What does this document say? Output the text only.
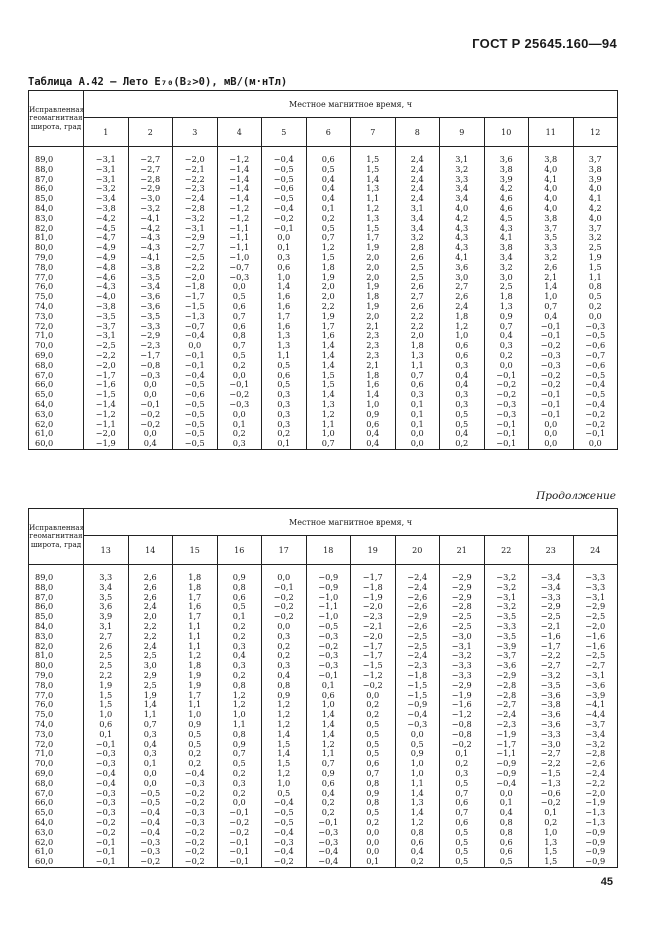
ГОСТ Р 25645.160—94
Таблица А.42 — Лето E₇₀(B₂>0), мВ/(м·нТл)
Исправленная геомагнитная широта, град	Местное магнитное время, ч											
	1	2	3	4	5	6	7	8	9	10	11	12
89,0	−3,1	−2,7	−2,0	−1,2	−0,4	0,6	1,5	2,4	3,1	3,6	3,8	3,7
88,0	−3,1	−2,7	−2,1	−1,4	−0,5	0,5	1,5	2,4	3,2	3,8	4,0	3,8
87,0	−3,1	−2,8	−2,2	−1,4	−0,5	0,4	1,4	2,4	3,3	3,9	4,1	3,9
86,0	−3,2	−2,9	−2,3	−1,4	−0,6	0,4	1,3	2,4	3,4	4,2	4,0	4,0
85,0	−3,4	−3,0	−2,4	−1,4	−0,5	0,4	1,1	2,4	3,4	4,6	4,0	4,1
84,0	−3,8	−3,2	−2,8	−1,2	−0,4	0,1	1,2	3,1	4,0	4,6	4,0	4,2
83,0	−4,2	−4,1	−3,2	−1,2	−0,2	0,2	1,3	3,4	4,2	4,5	3,8	4,0
82,0	−4,5	−4,2	−3,1	−1,1	−0,1	0,5	1,5	3,4	4,3	4,3	3,7	3,7
81,0	−4,7	−4,3	−2,9	−1,1	0,0	0,7	1,7	3,2	4,3	4,1	3,5	3,2
80,0	−4,9	−4,3	−2,7	−1,1	0,1	1,2	1,9	2,8	4,3	3,8	3,3	2,5
79,0	−4,9	−4,1	−2,5	−1,0	0,3	1,5	2,0	2,6	4,1	3,4	3,2	1,9
78,0	−4,8	−3,8	−2,2	−0,7	0,6	1,8	2,0	2,5	3,6	3,2	2,6	1,5
77,0	−4,6	−3,5	−2,0	−0,3	1,0	1,9	2,0	2,5	3,0	3,0	2,1	1,1
76,0	−4,3	−3,4	−1,8	0,0	1,4	2,0	1,9	2,6	2,7	2,5	1,4	0,8
75,0	−4,0	−3,6	−1,7	0,5	1,6	2,0	1,8	2,7	2,6	1,8	1,0	0,5
74,0	−3,8	−3,6	−1,5	0,6	1,6	2,2	1,9	2,6	2,4	1,3	0,7	0,2
73,0	−3,5	−3,5	−1,3	0,7	1,7	1,9	2,0	2,2	1,8	0,9	0,4	0,0
72,0	−3,7	−3,3	−0,7	0,6	1,6	1,7	2,1	2,2	1,2	0,7	−0,1	−0,3
71,0	−3,1	−2,9	−0,4	0,8	1,3	1,6	2,3	2,0	1,0	0,4	−0,1	−0,5
70,0	−2,5	−2,3	0,0	0,7	1,3	1,4	2,3	1,8	0,6	0,3	−0,2	−0,6
69,0	−2,2	−1,7	−0,1	0,5	1,1	1,4	2,3	1,3	0,6	0,2	−0,3	−0,7
68,0	−2,0	−0,8	−0,1	0,2	0,5	1,4	2,1	1,1	0,3	0,0	−0,3	−0,6
67,0	−1,7	−0,3	−0,4	0,0	0,6	1,5	1,8	0,7	0,4	−0,1	−0,2	−0,5
66,0	−1,6	0,0	−0,5	−0,1	0,5	1,5	1,6	0,6	0,4	−0,2	−0,2	−0,4
65,0	−1,5	0,0	−0,6	−0,2	0,3	1,4	1,4	0,3	0,3	−0,2	−0,1	−0,5
64,0	−1,4	−0,1	−0,5	−0,3	0,3	1,3	1,0	0,1	0,3	−0,3	−0,1	−0,4
63,0	−1,2	−0,2	−0,5	0,0	0,3	1,2	0,9	0,1	0,5	−0,3	−0,1	−0,2
62,0	−1,1	−0,2	−0,5	0,1	0,3	1,1	0,6	0,1	0,5	−0,1	0,0	−0,2
61,0	−2,0	0,0	−0,5	0,2	0,2	1,0	0,4	0,0	0,4	−0,1	0,0	−0,1
60,0	−1,9	0,4	−0,5	0,3	0,1	0,7	0,4	0,0	0,2	−0,1	0,0	0,0
Продолжение
Исправленная геомагнитная широта, град	Местное магнитное время, ч											
	13	14	15	16	17	18	19	20	21	22	23	24
89,0	3,3	2,6	1,8	0,9	0,0	−0,9	−1,7	−2,4	−2,9	−3,2	−3,4	−3,3
88,0	3,4	2,6	1,8	0,8	−0,1	−0,9	−1,8	−2,4	−2,9	−3,2	−3,4	−3,3
87,0	3,5	2,6	1,7	0,6	−0,2	−1,0	−1,9	−2,6	−2,9	−3,1	−3,3	−3,1
86,0	3,6	2,4	1,6	0,5	−0,2	−1,1	−2,0	−2,6	−2,8	−3,2	−2,9	−2,9
85,0	3,9	2,0	1,7	0,1	−0,2	−1,0	−2,3	−2,9	−2,5	−3,5	−2,5	−2,5
84,0	3,1	2,2	1,1	0,2	0,0	−0,5	−2,1	−2,6	−2,5	−3,3	−2,1	−2,0
83,0	2,7	2,2	1,1	0,2	0,3	−0,3	−2,0	−2,5	−3,0	−3,5	−1,6	−1,6
82,0	2,6	2,4	1,1	0,3	0,2	−0,2	−1,7	−2,5	−3,1	−3,9	−1,7	−1,6
81,0	2,5	2,5	1,2	0,4	0,2	−0,3	−1,7	−2,4	−3,2	−3,7	−2,2	−2,5
80,0	2,5	3,0	1,8	0,3	0,3	−0,3	−1,5	−2,3	−3,3	−3,6	−2,7	−2,7
79,0	2,2	2,9	1,9	0,2	0,4	−0,1	−1,2	−1,8	−3,3	−2,9	−3,2	−3,1
78,0	1,9	2,5	1,9	0,8	0,8	0,1	−0,2	−1,5	−2,9	−2,8	−3,5	−3,6
77,0	1,5	1,9	1,7	1,2	0,9	0,6	0,0	−1,5	−1,9	−2,8	−3,6	−3,9
76,0	1,5	1,4	1,1	1,2	1,2	1,0	0,2	−0,9	−1,6	−2,7	−3,8	−4,1
75,0	1,0	1,1	1,0	1,0	1,2	1,4	0,2	−0,4	−1,2	−2,4	−3,6	−4,4
74,0	0,6	0,7	0,9	1,1	1,2	1,4	0,5	−0,3	−0,8	−2,3	−3,6	−3,7
73,0	0,1	0,3	0,5	0,8	1,4	1,4	0,5	0,0	−0,8	−1,9	−3,3	−3,4
72,0	−0,1	0,4	0,5	0,9	1,5	1,2	0,5	0,5	−0,2	−1,7	−3,0	−3,2
71,0	−0,3	0,3	0,2	0,7	1,4	1,1	0,5	0,9	0,1	−1,1	−2,7	−2,8
70,0	−0,3	0,1	0,2	0,5	1,5	0,7	0,6	1,0	0,2	−0,9	−2,2	−2,6
69,0	−0,4	0,0	−0,4	0,2	1,2	0,9	0,7	1,0	0,3	−0,9	−1,5	−2,4
68,0	−0,4	0,0	−0,3	0,3	1,0	0,6	0,8	1,1	0,5	−0,4	−1,3	−2,2
67,0	−0,3	−0,5	−0,2	0,2	0,5	0,4	0,9	1,4	0,7	0,0	−0,6	−2,0
66,0	−0,3	−0,5	−0,2	0,0	−0,4	0,2	0,8	1,3	0,6	0,1	−0,2	−1,9
65,0	−0,3	−0,4	−0,3	−0,1	−0,5	0,2	0,5	1,4	0,7	0,4	0,1	−1,3
64,0	−0,2	−0,4	−0,3	−0,2	−0,5	−0,1	0,2	1,2	0,6	0,8	0,2	−1,3
63,0	−0,2	−0,4	−0,2	−0,2	−0,4	−0,3	0,0	0,8	0,5	0,8	1,0	−0,9
62,0	−0,1	−0,3	−0,2	−0,1	−0,3	−0,3	0,0	0,6	0,5	0,6	1,3	−0,9
61,0	−0,1	−0,3	−0,2	−0,1	−0,4	−0,4	0,0	0,4	0,5	0,6	1,5	−0,9
60,0	−0,1	−0,2	−0,2	−0,1	−0,2	−0,4	0,1	0,2	0,5	0,5	1,5	−0,9
45
